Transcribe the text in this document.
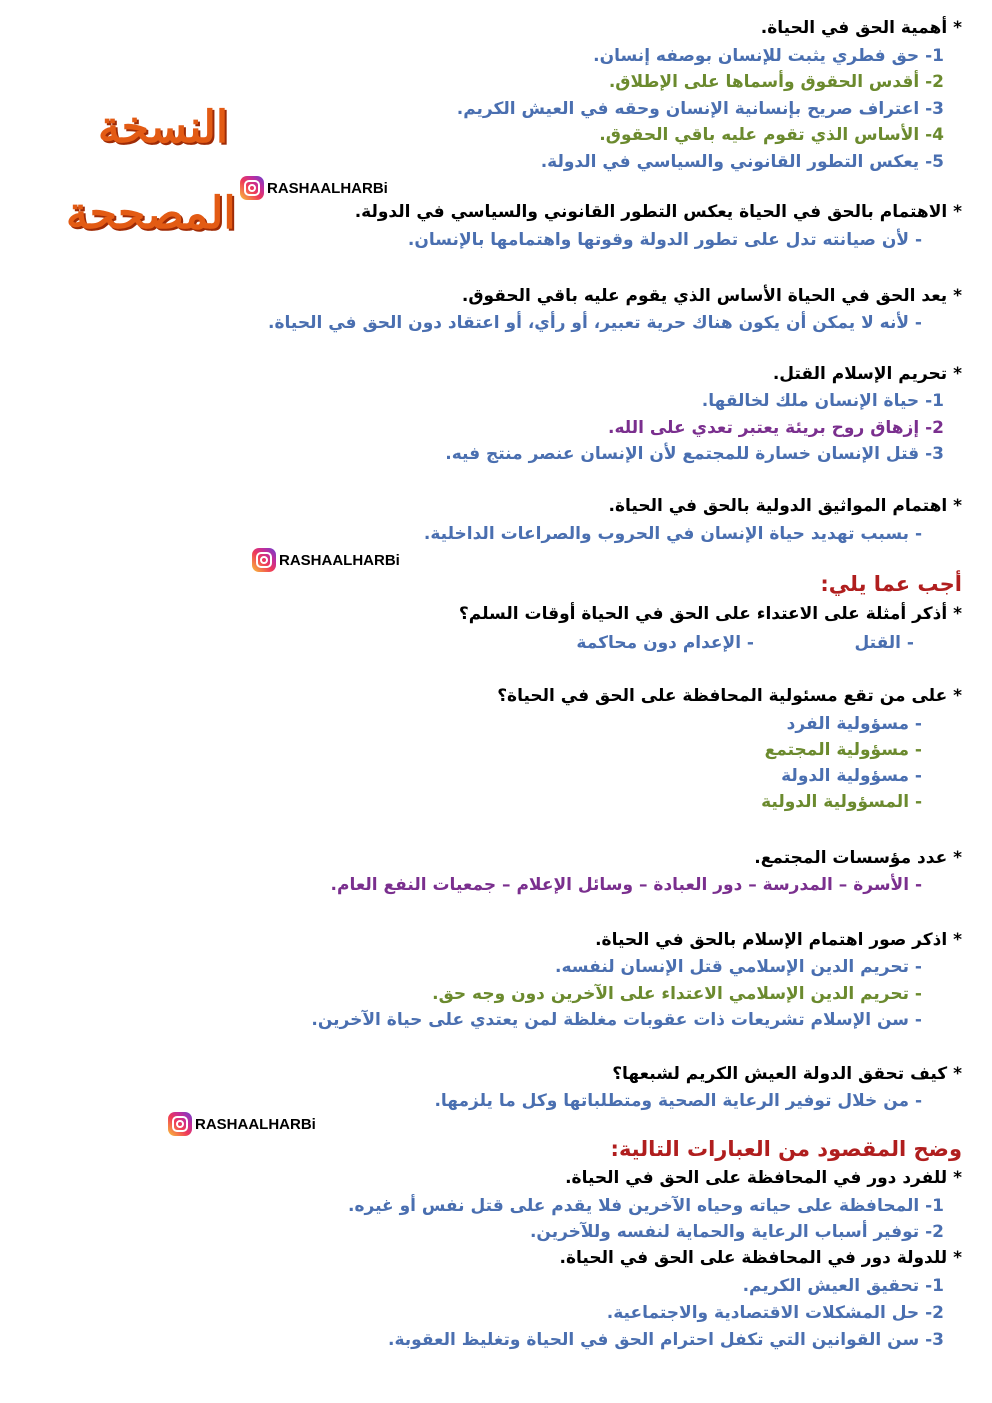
النسخة
المصححة RASHAALHARBi
RASHAALHARBi
RASHAALHARBi
* أهمية الحق في الحياة.
1- حق فطري يثبت للإنسان بوصفه إنسان.
2- أقدس الحقوق وأسماها على الإطلاق.
3- اعتراف صريح بإنسانية الإنسان وحقه في العيش الكريم.
4- الأساس الذي تقوم عليه باقي الحقوق.
5- يعكس التطور القانوني والسياسي في الدولة.
* الاهتمام بالحق في الحياة يعكس التطور القانوني والسياسي في الدولة.
- لأن صيانته تدل على تطور الدولة وقوتها واهتمامها بالإنسان.
* يعد الحق في الحياة الأساس الذي يقوم عليه باقي الحقوق.
- لأنه لا يمكن أن يكون هناك حرية تعبير، أو رأي، أو اعتقاد دون الحق في الحياة.
* تحريم الإسلام القتل.
1- حياة الإنسان ملك لخالقها.
2- إزهاق روح بريئة يعتبر تعدي على الله.
3- قتل الإنسان خسارة للمجتمع لأن الإنسان عنصر منتج فيه.
* اهتمام المواثيق الدولية بالحق في الحياة.
- بسبب تهديد حياة الإنسان في الحروب والصراعات الداخلية.
أجب عما يلي:
* أذكر أمثلة على الاعتداء على الحق في الحياة أوقات السلم؟
- القتل
- الإعدام دون محاكمة
* على من تقع مسئولية المحافظة على الحق في الحياة؟
- مسؤولية الفرد
- مسؤولية المجتمع
- مسؤولية الدولة
- المسؤولية الدولية
* عدد مؤسسات المجتمع.
- الأسرة – المدرسة – دور العبادة – وسائل الإعلام – جمعيات النفع العام.
* اذكر صور اهتمام الإسلام بالحق في الحياة.
- تحريم الدين الإسلامي قتل الإنسان لنفسه.
- تحريم الدين الإسلامي الاعتداء على الآخرين دون وجه حق.
- سن الإسلام تشريعات ذات عقوبات مغلظة لمن يعتدي على حياة الآخرين.
* كيف تحقق الدولة العيش الكريم لشبعها؟
- من خلال توفير الرعاية الصحية ومتطلباتها وكل ما يلزمها.
وضح المقصود من العبارات التالية:
* للفرد دور في المحافظة على الحق في الحياة.
1- المحافظة على حياته وحياه الآخرين فلا يقدم على قتل نفس أو غيره.
2- توفير أسباب الرعاية والحماية لنفسه وللآخرين.
* للدولة دور في المحافظة على الحق في الحياة.
1- تحقيق العيش الكريم.
2- حل المشكلات الاقتصادية والاجتماعية.
3- سن القوانين التي تكفل احترام الحق في الحياة وتغليظ العقوبة.
